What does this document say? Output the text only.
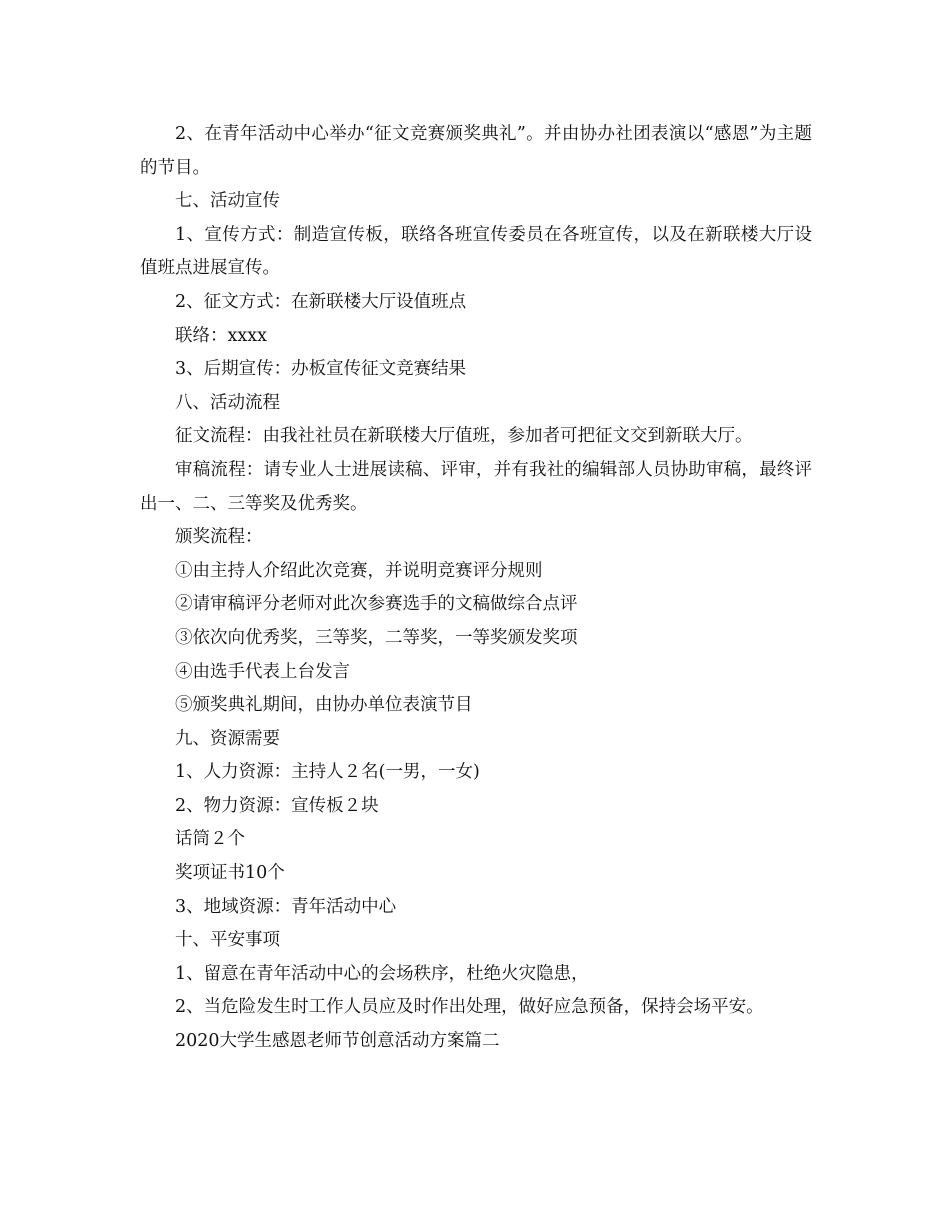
2、在青年活动中心举办“征文竞赛颁奖典礼”。并由协办社团表演以“感恩”为主题的节目。

七、活动宣传

1、宣传方式：制造宣传板，联络各班宣传委员在各班宣传，以及在新联楼大厅设值班点进展宣传。

2、征文方式：在新联楼大厅设值班点

联络：xxxx

3、后期宣传：办板宣传征文竞赛结果

八、活动流程

征文流程：由我社社员在新联楼大厅值班，参加者可把征文交到新联大厅。

审稿流程：请专业人士进展读稿、评审，并有我社的编辑部人员协助审稿，最终评出一、二、三等奖及优秀奖。

颁奖流程：

①由主持人介绍此次竞赛，并说明竞赛评分规则

②请审稿评分老师对此次参赛选手的文稿做综合点评

③依次向优秀奖，三等奖，二等奖，一等奖颁发奖项

④由选手代表上台发言

⑤颁奖典礼期间，由协办单位表演节目

九、资源需要

1、人力资源：主持人２名(一男，一女)

2、物力资源：宣传板２块

话筒２个

奖项证书10个

3、地域资源：青年活动中心

十、平安事项

1、留意在青年活动中心的会场秩序，杜绝火灾隐患，

2、当危险发生时工作人员应及时作出处理，做好应急预备，保持会场平安。

2020大学生感恩老师节创意活动方案篇二
